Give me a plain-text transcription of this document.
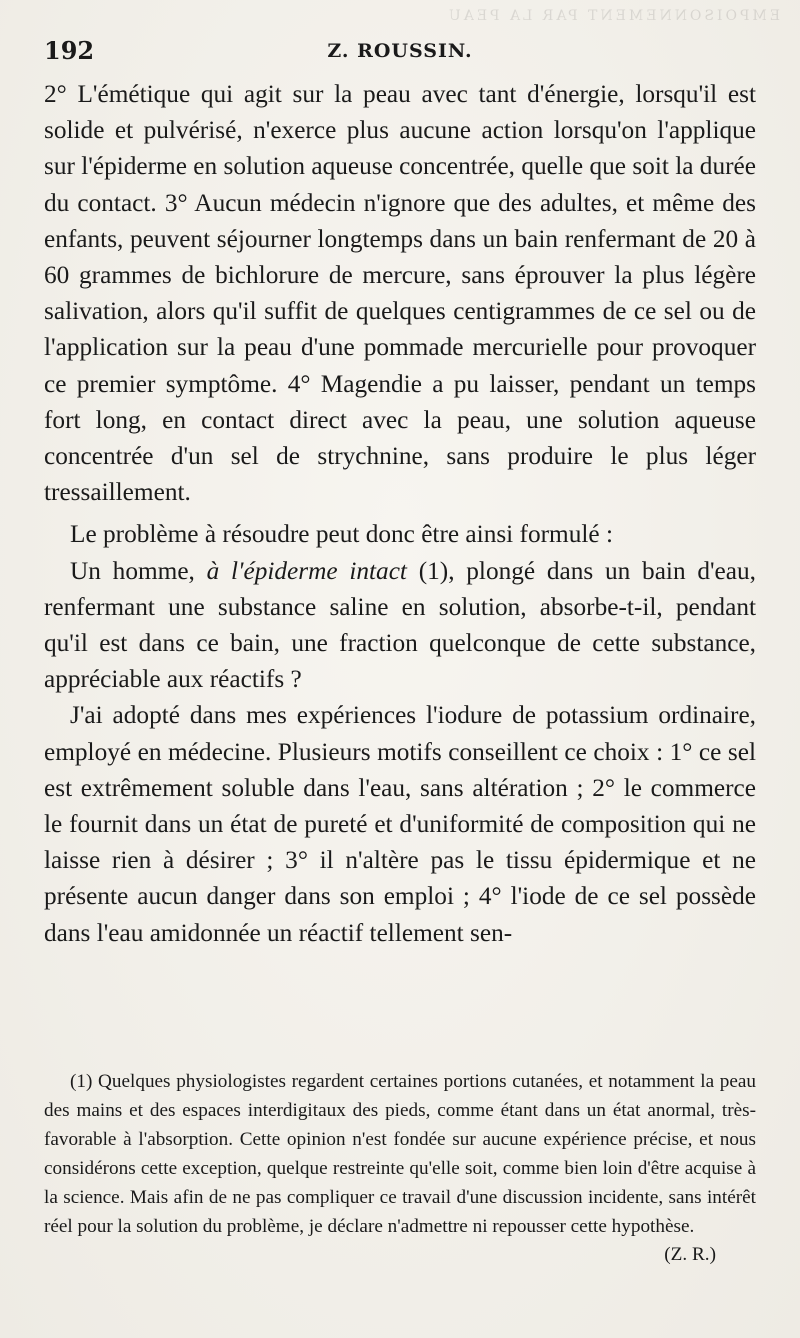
EMPOISONNEMENT PAR LA PEAU
192	Z. ROUSSIN.

2° L'émétique qui agit sur la peau avec tant d'énergie, lorsqu'il est solide et pulvérisé, n'exerce plus aucune action lorsqu'on l'applique sur l'épiderme en solution aqueuse concentrée, quelle que soit la durée du contact. 3° Aucun médecin n'ignore que des adultes, et même des enfants, peuvent séjourner longtemps dans un bain renfermant de 20 à 60 grammes de bichlorure de mercure, sans éprouver la plus légère salivation, alors qu'il suffit de quelques centigrammes de ce sel ou de l'application sur la peau d'une pommade mercurielle pour provoquer ce premier symptôme. 4° Magendie a pu laisser, pendant un temps fort long, en contact direct avec la peau, une solution aqueuse concentrée d'un sel de strychnine, sans produire le plus léger tressaillement.

Le problème à résoudre peut donc être ainsi formulé :

Un homme, à l'épiderme intact (1), plongé dans un bain d'eau, renfermant une substance saline en solution, absorbe-t-il, pendant qu'il est dans ce bain, une fraction quelconque de cette substance, appréciable aux réactifs ?

J'ai adopté dans mes expériences l'iodure de potassium ordinaire, employé en médecine. Plusieurs motifs conseillent ce choix : 1° ce sel est extrêmement soluble dans l'eau, sans altération ; 2° le commerce le fournit dans un état de pureté et d'uniformité de composition qui ne laisse rien à désirer ; 3° il n'altère pas le tissu épidermique et ne présente aucun danger dans son emploi ; 4° l'iode de ce sel possède dans l'eau amidonnée un réactif tellement sen-

(1) Quelques physiologistes regardent certaines portions cutanées, et notamment la peau des mains et des espaces interdigitaux des pieds, comme étant dans un état anormal, très-favorable à l'absorption. Cette opinion n'est fondée sur aucune expérience précise, et nous considérons cette exception, quelque restreinte qu'elle soit, comme bien loin d'être acquise à la science. Mais afin de ne pas compliquer ce travail d'une discussion incidente, sans intérêt réel pour la solution du problème, je déclare n'admettre ni repousser cette hypothèse.
(Z. R.)
